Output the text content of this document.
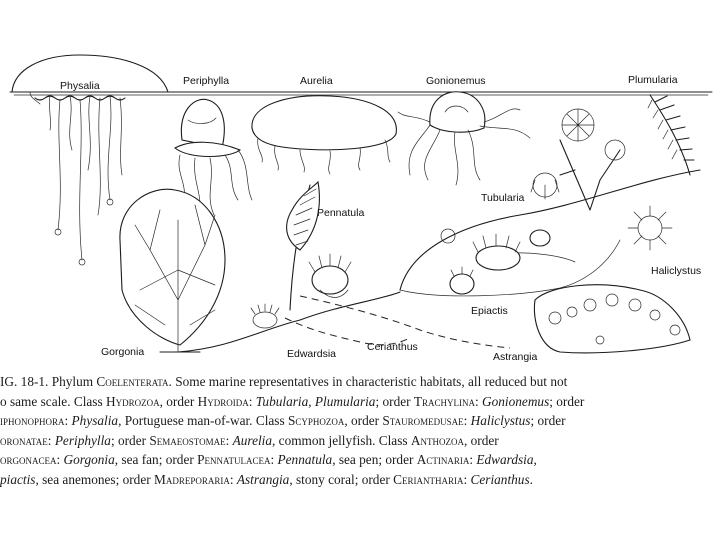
Physalia	Periphylla	Aurelia	Gonionemus	Plumularia
Pennatula
Tubularia
Haliclystus
Gorgonia	Edwardsia
Cerianthus
Epiactis
Astrangia
IG. 18-1. Phylum Coelenterata. Some marine representatives in characteristic habitats, all reduced but not
o same scale. Class Hydrozoa, order Hydroida: Tubularia, Plumularia; order Trachylina: Gonionemus; order
iphonophora: Physalia, Portuguese man-of-war. Class Scyphozoa, order Stauromedusae: Haliclystus; order
oronatae: Periphylla; order Semaeostomae: Aurelia, common jellyfish. Class Anthozoa, order
orgonacea: Gorgonia, sea fan; order Pennatulacea: Pennatula, sea pen; order Actinaria: Edwardsia,
piactis, sea anemones; order Madreporaria: Astrangia, stony coral; order Ceriantharia: Cerianthus.
